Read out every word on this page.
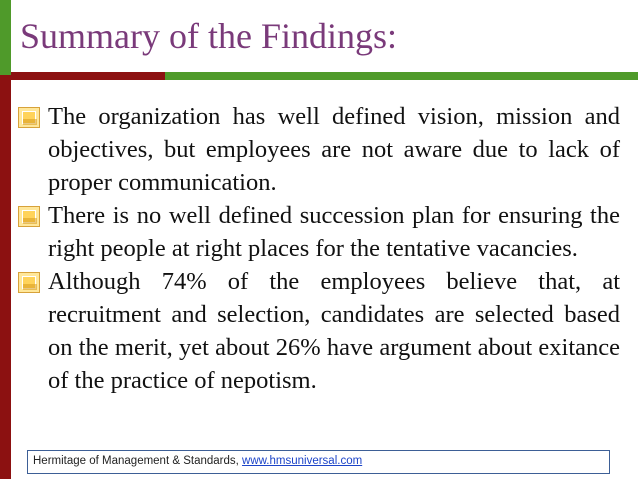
Summary of the Findings:
The organization has well defined vision, mission and objectives, but employees are not aware due to lack of proper communication.
There is no well defined succession plan for ensuring the right people at right places for the tentative vacancies.
Although 74% of the employees believe that, at recruitment and selection, candidates are selected based on the merit, yet about 26% have argument about exitance of the practice of nepotism.
Hermitage of Management & Standards, www.hmsuniversal.com
